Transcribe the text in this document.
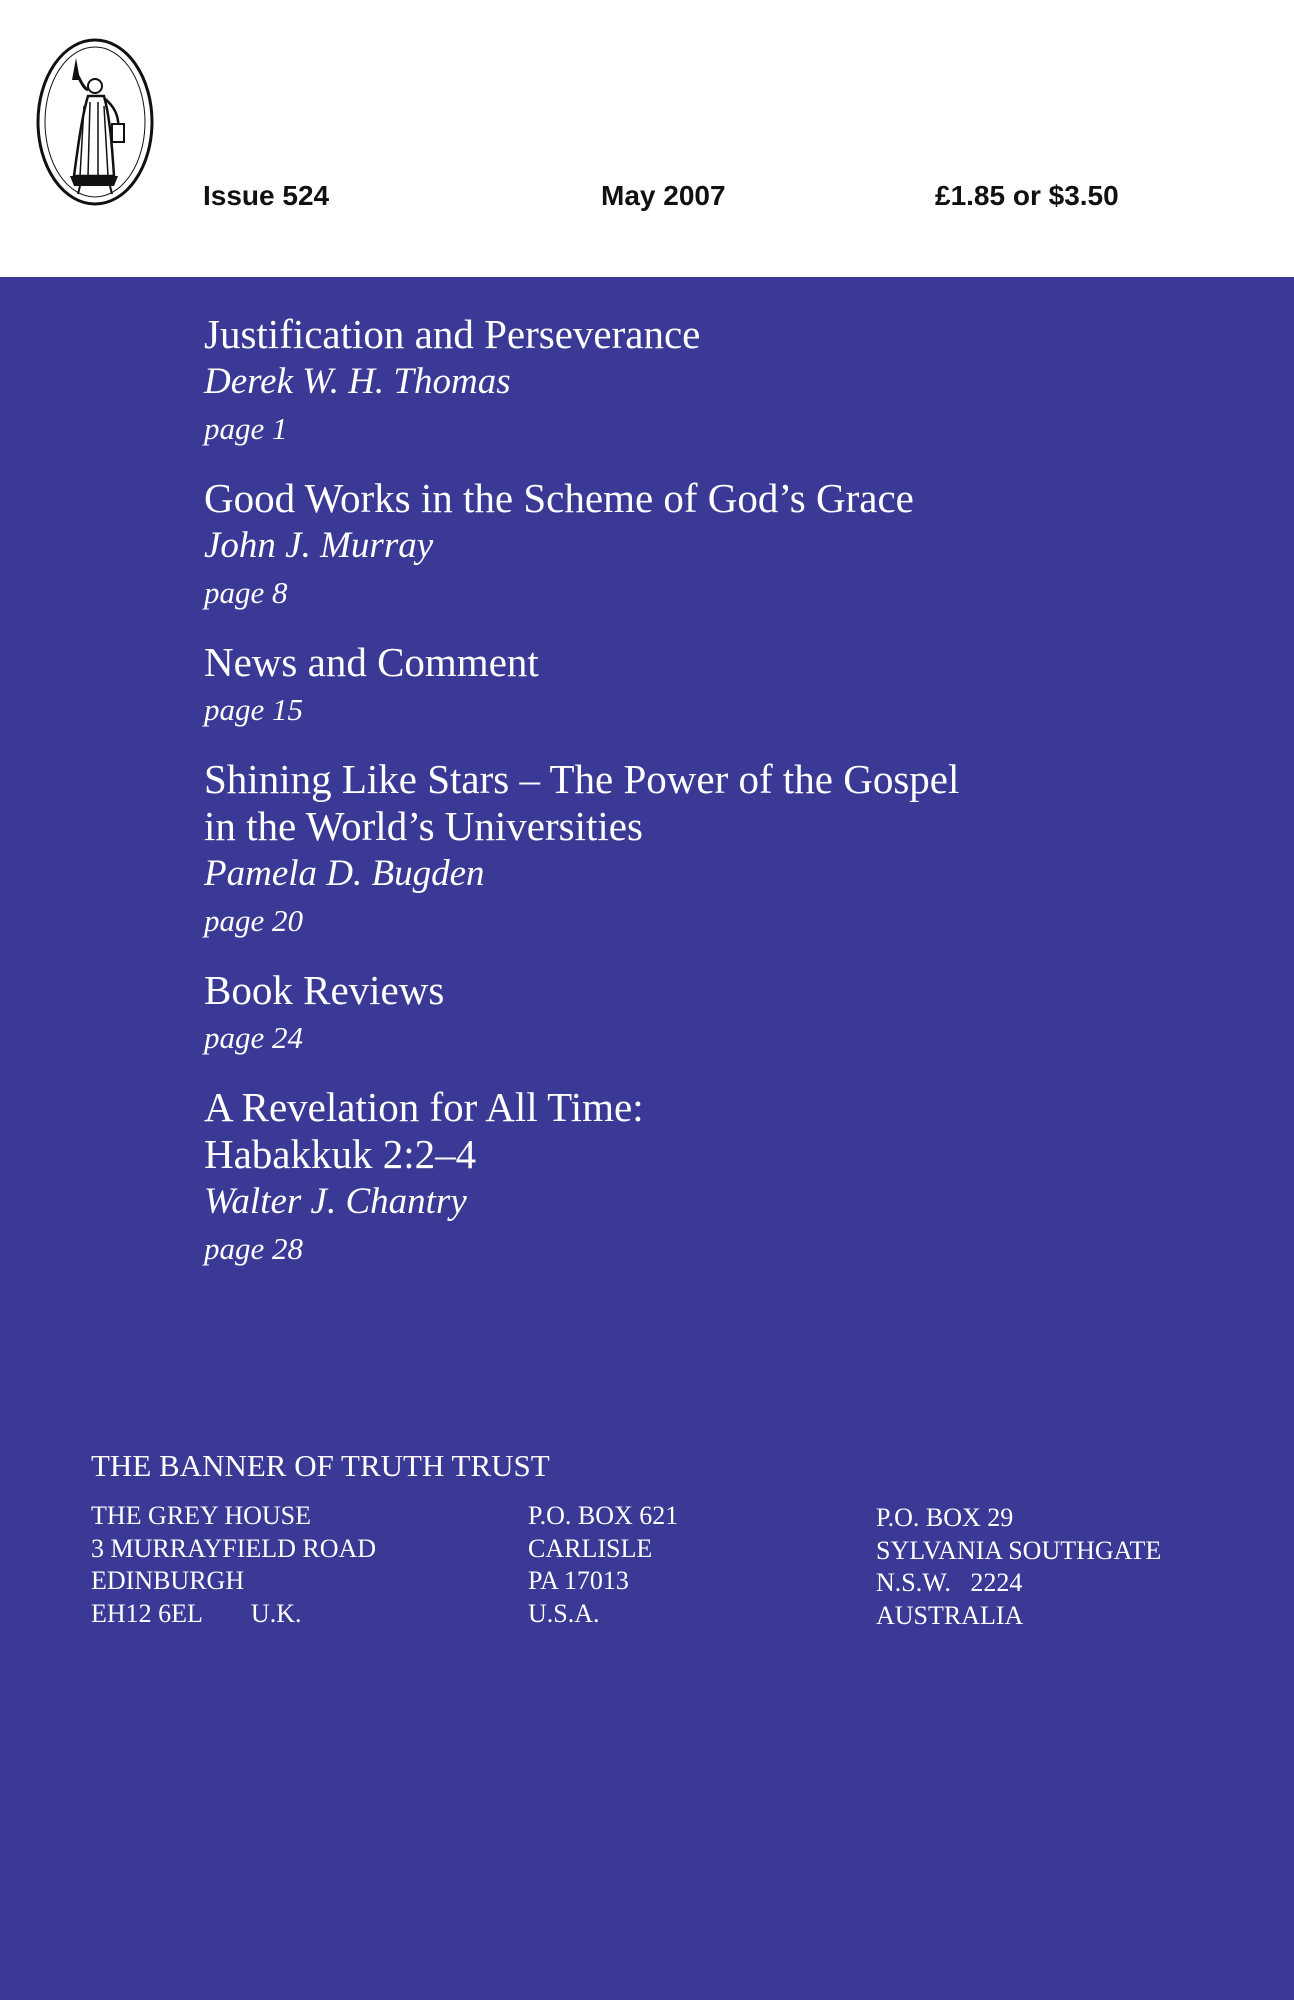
Issue 524	May 2007	£1.85 or $3.50
Justification and Perseverance
Derek W. H. Thomas
page 1
Good Works in the Scheme of God’s Grace
John J. Murray
page 8
News and Comment
page 15
Shining Like Stars – The Power of the Gospel
in the World’s Universities
Pamela D. Bugden
page 20
Book Reviews
page 24
A Revelation for All Time:
Habakkuk 2:2–4
Walter J. Chantry
page 28
THE BANNER OF TRUTH TRUST
THE GREY HOUSE
3 MURRAYFIELD ROAD
EDINBURGH
EH12 6EL U.K.
P.O. BOX 621
CARLISLE
PA 17013
U.S.A.
P.O. BOX 29
SYLVANIA SOUTHGATE
N.S.W.   2224
AUSTRALIA
